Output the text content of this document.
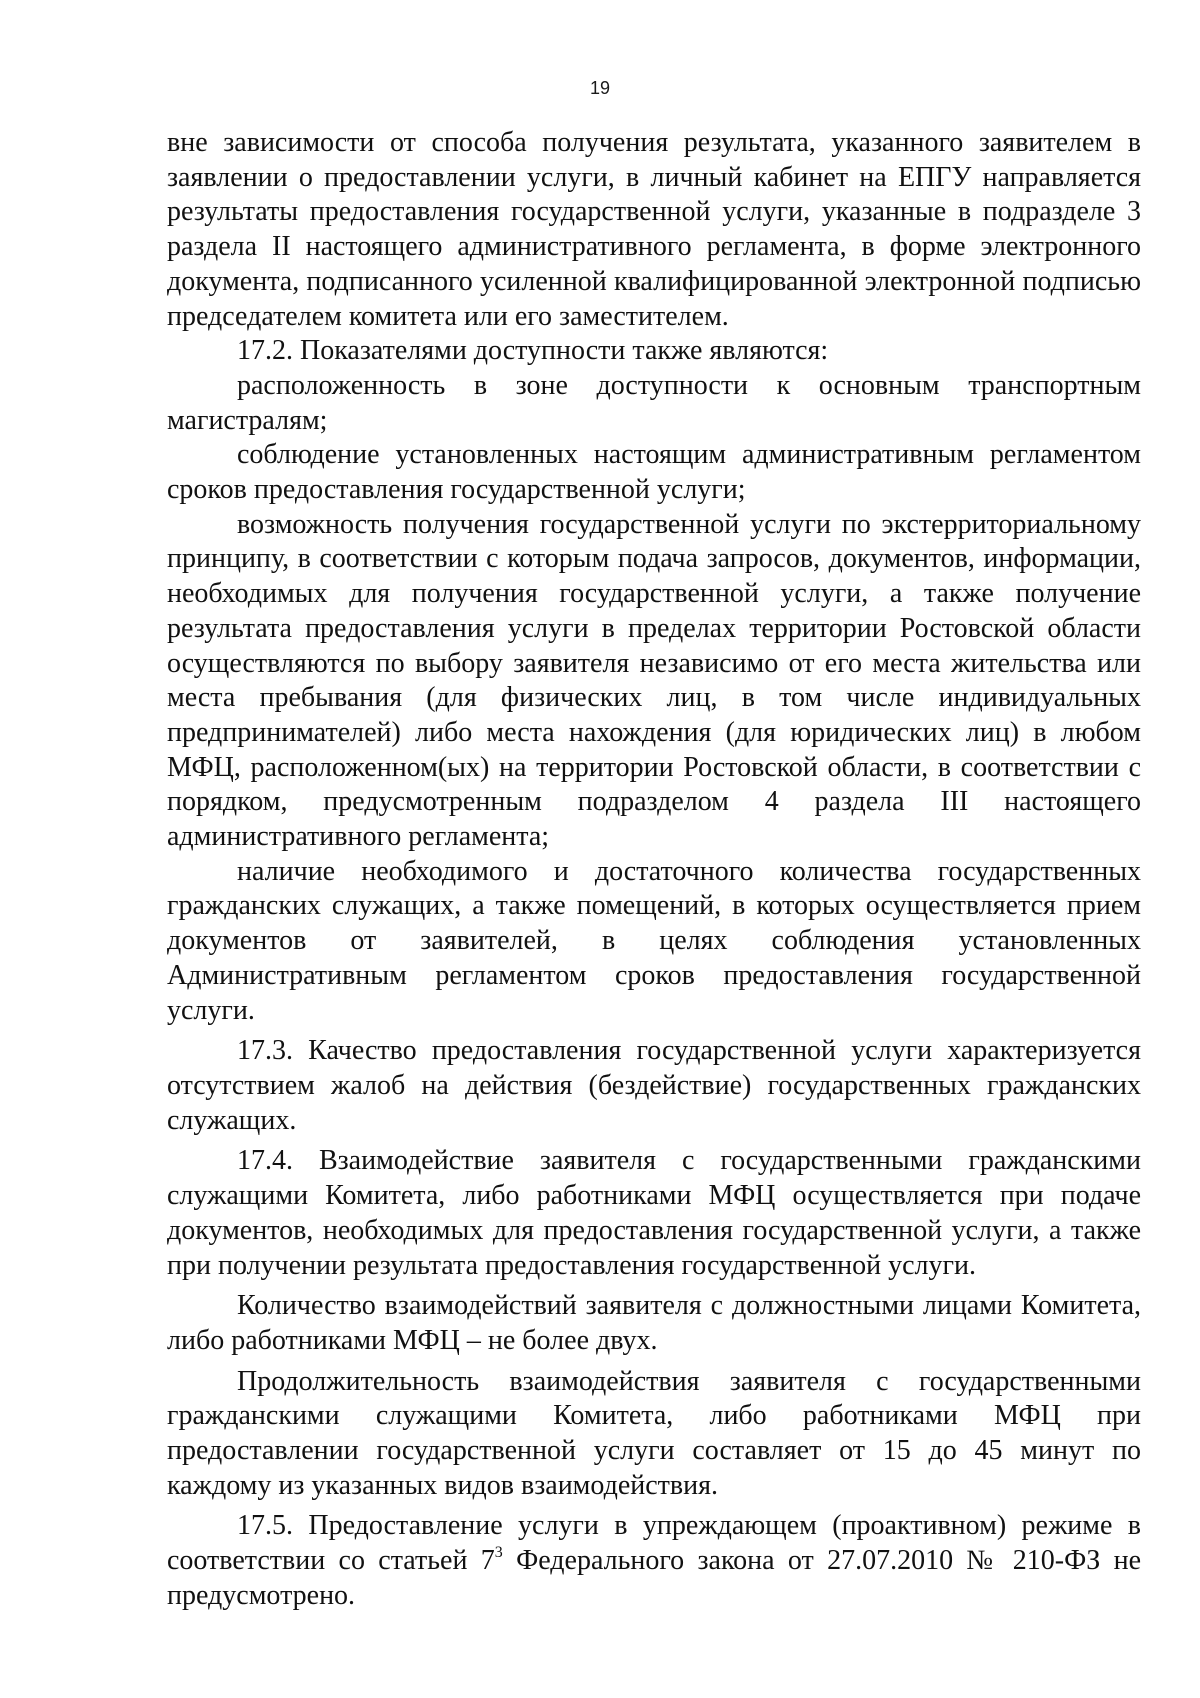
19

вне зависимости от способа получения результата, указанного заявителем в заявлении о предоставлении услуги, в личный кабинет на ЕПГУ направляется результаты предоставления государственной услуги, указанные в подразделе 3 раздела II настоящего административного регламента, в форме электронного документа, подписанного усиленной квалифицированной электронной подписью председателем комитета или его заместителем.

17.2. Показателями доступности также являются:

расположенность в зоне доступности к основным транспортным магистралям;

соблюдение установленных настоящим административным регламентом сроков предоставления государственной услуги;

возможность получения государственной услуги по экстерриториальному принципу, в соответствии с которым подача запросов, документов, информации, необходимых для получения государственной услуги, а также получение результата предоставления услуги в пределах территории Ростовской области осуществляются по выбору заявителя независимо от его места жительства или места пребывания (для физических лиц, в том числе индивидуальных предпринимателей) либо места нахождения (для юридических лиц) в любом МФЦ, расположенном(ых) на территории Ростовской области, в соответствии с порядком, предусмотренным подразделом 4 раздела III настоящего административного регламента;

наличие необходимого и достаточного количества государственных гражданских служащих, а также помещений, в которых осуществляется прием документов от заявителей, в целях соблюдения установленных Административным регламентом сроков предоставления государственной услуги.

17.3. Качество предоставления государственной услуги характеризуется отсутствием жалоб на действия (бездействие) государственных гражданских служащих.

17.4. Взаимодействие заявителя с государственными гражданскими служащими Комитета, либо работниками МФЦ осуществляется при подаче документов, необходимых для предоставления государственной услуги, а также при получении результата предоставления государственной услуги.

Количество взаимодействий заявителя с должностными лицами Комитета, либо работниками МФЦ – не более двух.

Продолжительность взаимодействия заявителя с государственными гражданскими служащими Комитета, либо работниками МФЦ при предоставлении государственной услуги составляет от 15 до 45 минут по каждому из указанных видов взаимодействия.

17.5. Предоставление услуги в упреждающем (проактивном) режиме в соответствии со статьей $7^3$ Федерального закона от 27.07.2010 № 210-ФЗ не предусмотрено.
